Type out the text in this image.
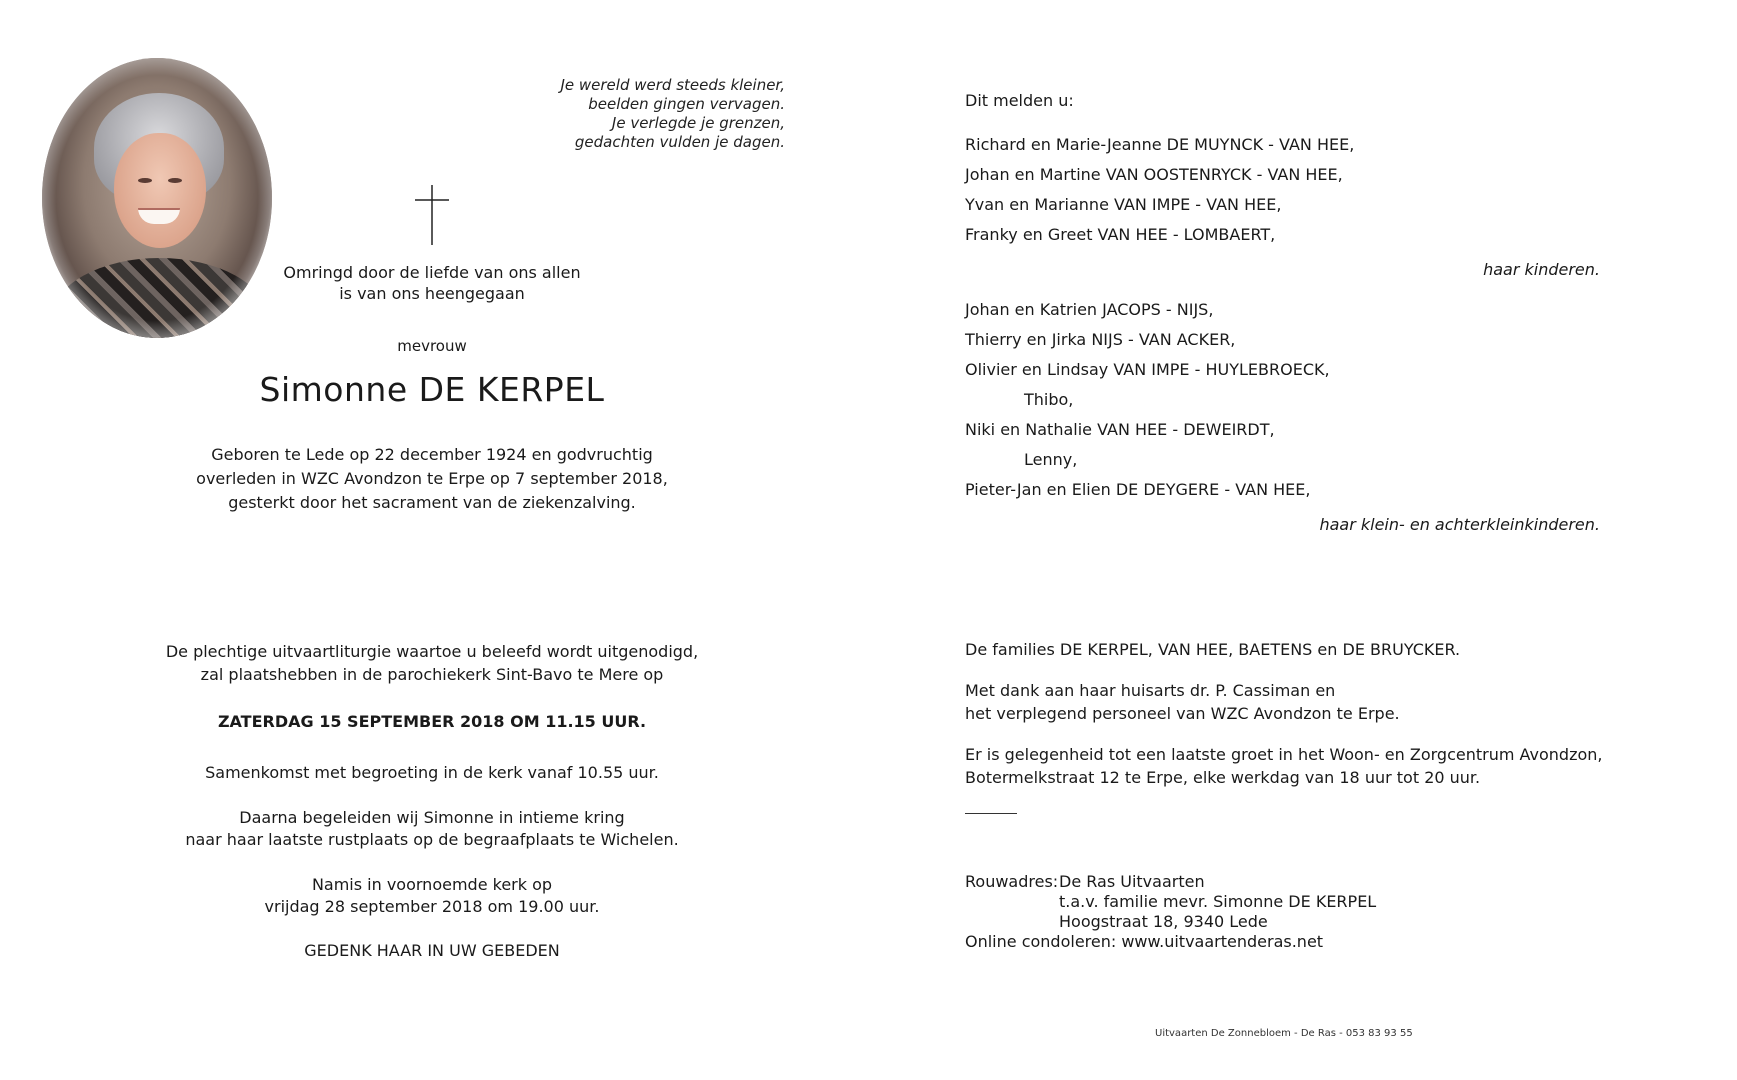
Je wereld werd steeds kleiner,
beelden gingen vervagen.
Je verlegde je grenzen,
gedachten vulden je dagen.
Omringd door de liefde van ons allen
is van ons heengegaan
mevrouw
Simonne DE KERPEL
Geboren te Lede op 22 december 1924 en godvruchtig
overleden in WZC Avondzon te Erpe op 7 september 2018,
gesterkt door het sacrament van de ziekenzalving.
De plechtige uitvaartliturgie waartoe u beleefd wordt uitgenodigd,
zal plaatshebben in de parochiekerk Sint-Bavo te Mere op
ZATERDAG 15 SEPTEMBER 2018 OM 11.15 UUR.
Samenkomst met begroeting in de kerk vanaf 10.55 uur.
Daarna begeleiden wij Simonne in intieme kring
naar haar laatste rustplaats op de begraafplaats te Wichelen.
Namis in voornoemde kerk op
vrijdag 28 september 2018 om 19.00 uur.
GEDENK HAAR IN UW GEBEDEN
Dit melden u:
Richard en Marie-Jeanne DE MUYNCK - VAN HEE,
Johan en Martine VAN OOSTENRYCK - VAN HEE,
Yvan en Marianne VAN IMPE - VAN HEE,
Franky en Greet VAN HEE - LOMBAERT,
haar kinderen.
Johan en Katrien JACOPS - NIJS,
Thierry en Jirka NIJS - VAN ACKER,
Olivier en Lindsay VAN IMPE - HUYLEBROECK,
Thibo,
Niki en Nathalie VAN HEE - DEWEIRDT,
Lenny,
Pieter-Jan en Elien DE DEYGERE - VAN HEE,
haar klein- en achterkleinkinderen.
De families DE KERPEL, VAN HEE, BAETENS en DE BRUYCKER.
Met dank aan haar huisarts dr. P. Cassiman en
het verplegend personeel van WZC Avondzon te Erpe.
Er is gelegenheid tot een laatste groet in het Woon- en Zorgcentrum Avondzon,
Botermelkstraat 12 te Erpe, elke werkdag van 18 uur tot 20 uur.
Rouwadres: De Ras Uitvaarten
t.a.v. familie mevr. Simonne DE KERPEL
Hoogstraat 18, 9340 Lede
Online condoleren: www.uitvaartenderas.net
Uitvaarten De Zonnebloem - De Ras - 053 83 93 55
